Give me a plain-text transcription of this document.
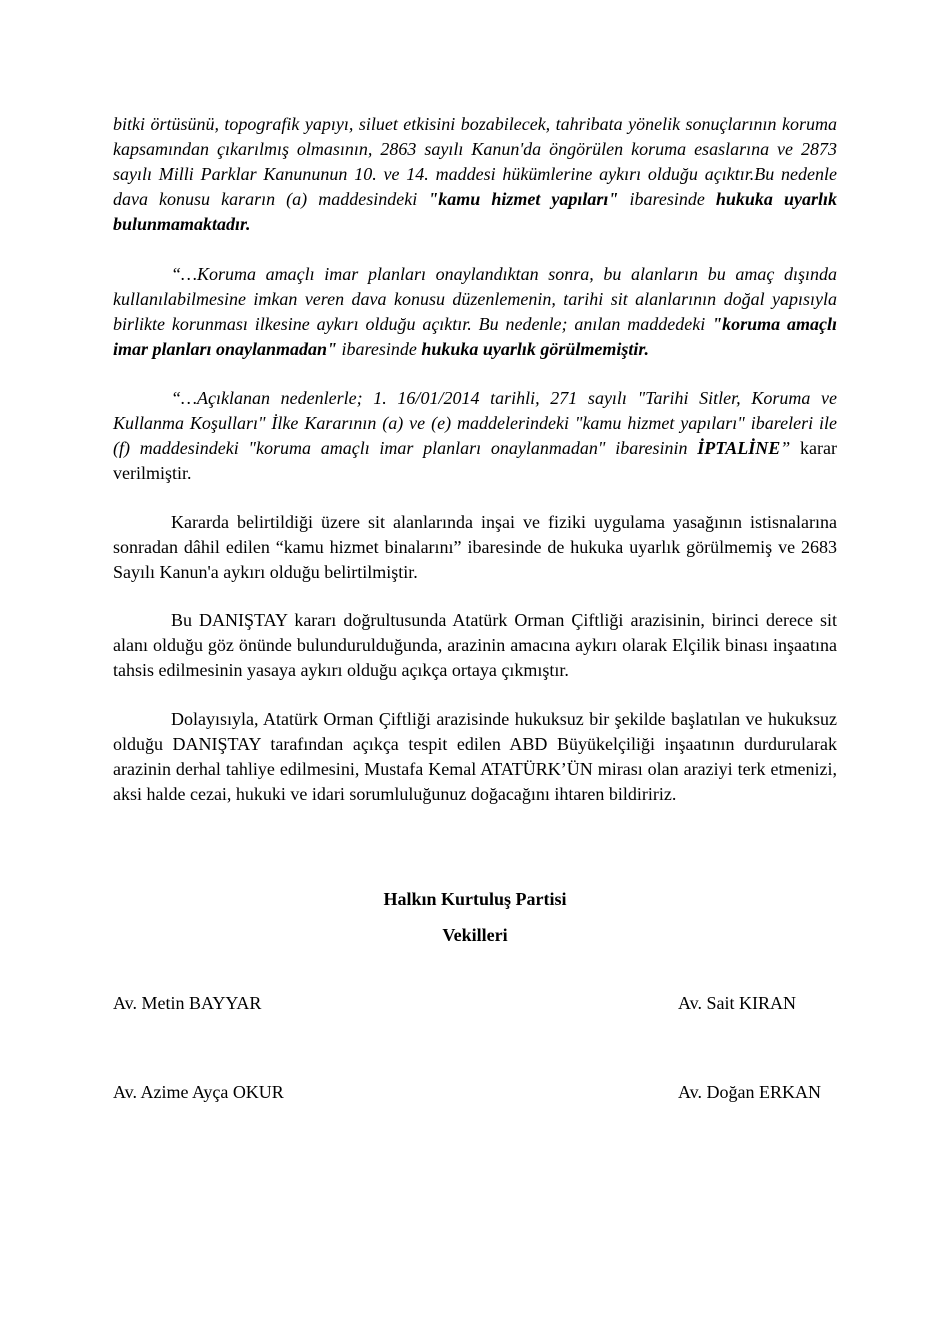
bitki örtüsünü, topografik yapıyı, siluet etkisini bozabilecek, tahribata yönelik sonuçlarının koruma kapsamından çıkarılmış olmasının, 2863 sayılı Kanun'da öngörülen koruma esaslarına ve 2873 sayılı Milli Parklar Kanununun 10. ve 14. maddesi hükümlerine aykırı olduğu açıktır.Bu nedenle dava konusu kararın (a) maddesindeki "kamu hizmet yapıları" ibaresinde hukuka uyarlık bulunmamaktadır.

“…Koruma amaçlı imar planları onaylandıktan sonra, bu alanların bu amaç dışında kullanılabilmesine imkan veren dava konusu düzenlemenin, tarihi sit alanlarının doğal yapısıyla birlikte korunması ilkesine aykırı olduğu açıktır. Bu nedenle; anılan maddedeki "koruma amaçlı imar planları onaylanmadan" ibaresinde hukuka uyarlık görülmemiştir.

“…Açıklanan nedenlerle; 1. 16/01/2014 tarihli, 271 sayılı "Tarihi Sitler, Koruma ve Kullanma Koşulları" İlke Kararının (a) ve (e) maddelerindeki "kamu hizmet yapıları" ibareleri ile (f) maddesindeki "koruma amaçlı imar planları onaylanmadan" ibaresinin İPTALİNE” karar verilmiştir.

Kararda belirtildiği üzere sit alanlarında inşai ve fiziki uygulama yasağının istisnalarına sonradan dâhil edilen “kamu hizmet binalarını” ibaresinde de hukuka uyarlık görülmemiş ve 2683 Sayılı Kanun'a aykırı olduğu belirtilmiştir.

Bu DANIŞTAY kararı doğrultusunda Atatürk Orman Çiftliği arazisinin, birinci derece sit alanı olduğu göz önünde bulundurulduğunda, arazinin amacına aykırı olarak Elçilik binası inşaatına tahsis edilmesinin yasaya aykırı olduğu açıkça ortaya çıkmıştır.

Dolayısıyla, Atatürk Orman Çiftliği arazisinde hukuksuz bir şekilde başlatılan ve hukuksuz olduğu DANIŞTAY tarafından açıkça tespit edilen ABD Büyükelçiliği inşaatının durdurularak arazinin derhal tahliye edilmesini, Mustafa Kemal ATATÜRK’ÜN mirası olan araziyi terk etmenizi, aksi halde cezai, hukuki ve idari sorumluluğunuz doğacağını ihtaren bildiririz.

Halkın Kurtuluş Partisi
Vekilleri
Av. Metin BAYYAR	Av. Sait KIRAN
Av. Azime Ayça OKUR	Av. Doğan ERKAN
